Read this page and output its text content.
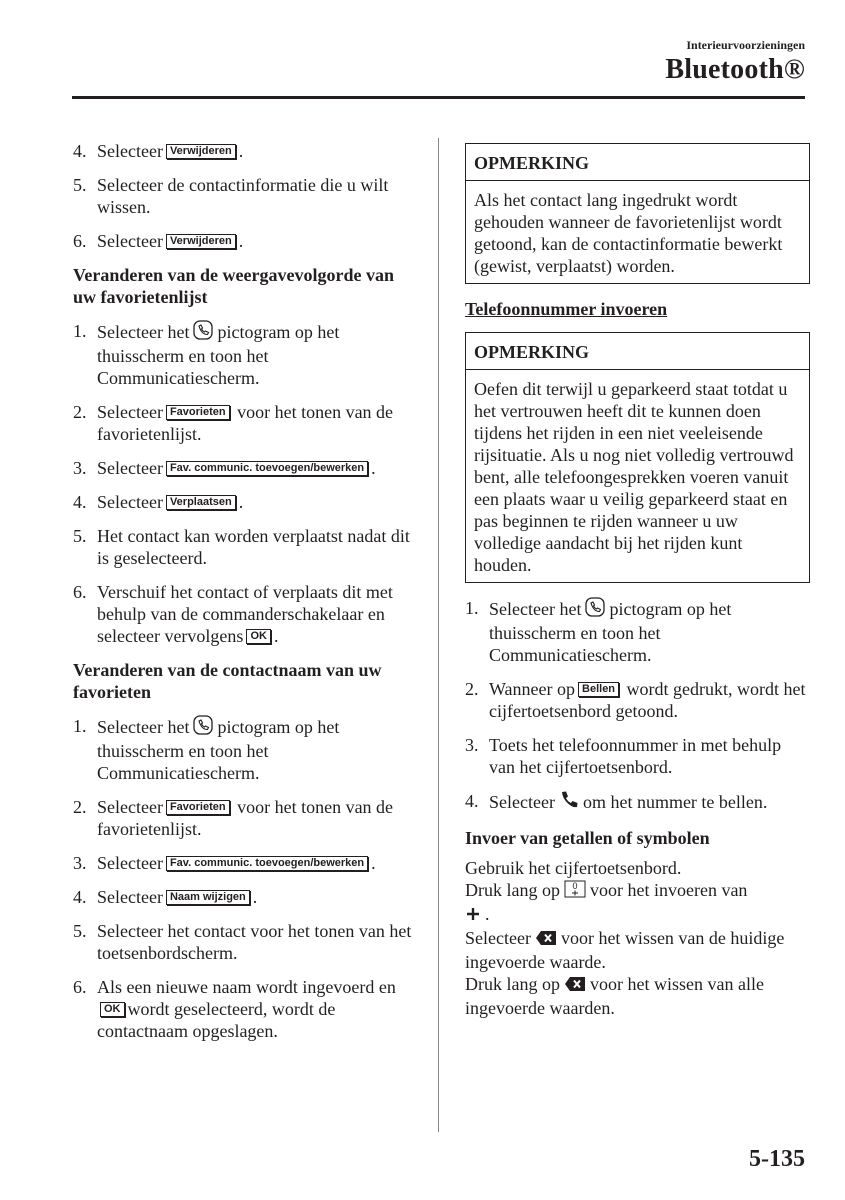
Interieurvoorzieningen
Bluetooth®
4. Selecteer Verwijderen .
5. Selecteer de contactinformatie die u wilt wissen.
6. Selecteer Verwijderen .
Veranderen van de weergavevolgorde van uw favorietenlijst
1. Selecteer het pictogram op het thuisscherm en toon het Communicatiescherm.
2. Selecteer Favorieten voor het tonen van de favorietenlijst.
3. Selecteer Fav. communic. toevoegen/bewerken .
4. Selecteer Verplaatsen .
5. Het contact kan worden verplaatst nadat dit is geselecteerd.
6. Verschuif het contact of verplaats dit met behulp van de commanderschakelaar en selecteer vervolgens OK .
Veranderen van de contactnaam van uw favorieten
1. Selecteer het pictogram op het thuisscherm en toon het Communicatiescherm.
2. Selecteer Favorieten voor het tonen van de favorietenlijst.
3. Selecteer Fav. communic. toevoegen/bewerken .
4. Selecteer Naam wijzigen .
5. Selecteer het contact voor het tonen van het toetsenbordscherm.
6. Als een nieuwe naam wordt ingevoerd enOK wordt geselecteerd, wordt de contactnaam opgeslagen.
OPMERKING
Als het contact lang ingedrukt wordt gehouden wanneer de favorietenlijst wordt getoond, kan de contactinformatie bewerkt (gewist, verplaatst) worden.
Telefoonnummer invoeren
OPMERKING
Oefen dit terwijl u geparkeerd staat totdat u het vertrouwen heeft dit te kunnen doen tijdens het rijden in een niet veeleisende rijsituatie. Als u nog niet volledig vertrouwd bent, alle telefoongesprekken voeren vanuit een plaats waar u veilig geparkeerd staat en pas beginnen te rijden wanneer u uw volledige aandacht bij het rijden kunt houden.
1. Selecteer het pictogram op het thuisscherm en toon het Communicatiescherm.
2. Wanneer op Bellen wordt gedrukt, wordt het cijfertoetsenbord getoond.
3. Toets het telefoonnummer in met behulp van het cijfertoetsenbord.
4. Selecteer om het nummer te bellen.
Invoer van getallen of symbolen

Gebruik het cijfertoetsenbord.

Druk lang op 0 voor het invoeren van
.

Selecteer voor het wissen van de huidige ingevoerde waarde.

Druk lang op voor het wissen van alle ingevoerde waarden.

5-135
